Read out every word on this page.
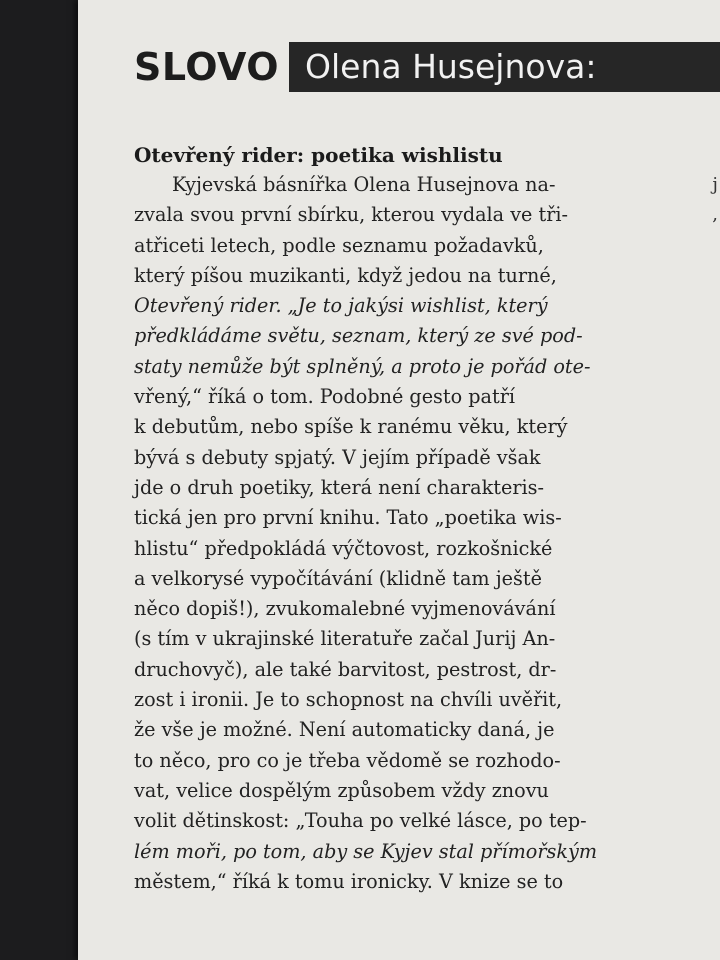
j
,
SLOVO Olena Husejnova:
Otevřený rider: poetika wishlistu
Kyjevská básnířka Olena Husejnova na-
zvala svou první sbírku, kterou vydala ve tři-
atřiceti letech, podle seznamu požadavků,
který píšou muzikanti, když jedou na turné,
Otevřený rider. „Je to jakýsi wishlist, který
předkládáme světu, seznam, který ze své pod-
staty nemůže být splněný, a proto je pořád ote-
vřený,“ říká o tom. Podobné gesto patří
k debutům, nebo spíše k ranému věku, který
bývá s debuty spjatý. V jejím případě však
jde o druh poetiky, která není charakteris-
tická jen pro první knihu. Tato „poetika wis-
hlistu“ předpokládá výčtovost, rozkošnické
a velkorysé vypočítávání (klidně tam ještě
něco dopiš!), zvukomalebné vyjmenovávání
(s tím v ukrajinské literatuře začal Jurij An-
druchovyč), ale také barvitost, pestrost, dr-
zost i ironii. Je to schopnost na chvíli uvěřit,
že vše je možné. Není automaticky daná, je
to něco, pro co je třeba vědomě se rozhodo-
vat, velice dospělým způsobem vždy znovu
volit dětinskost: „Touha po velké lásce, po tep-
lém moři, po tom, aby se Kyjev stal přímořským
městem,“ říká k tomu ironicky. V knize se to
